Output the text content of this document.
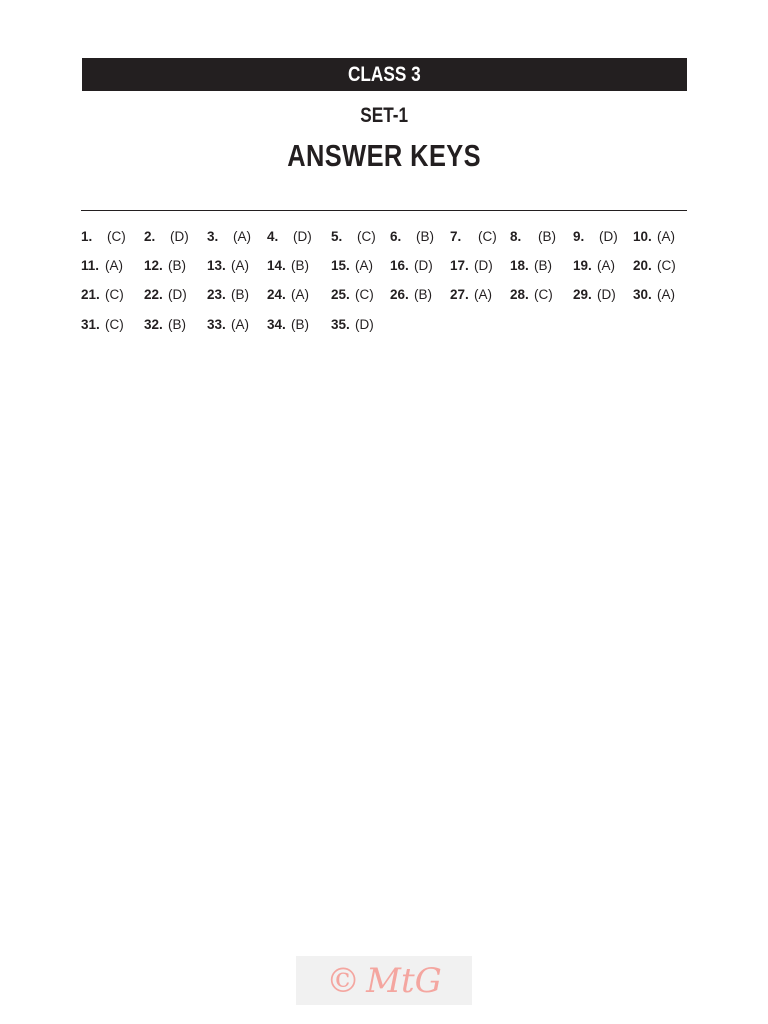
CLASS 3
SET-1
ANSWER KEYS
1. (C) 2. (D) 3. (A) 4. (D) 5. (C) 6. (B) 7. (C) 8. (B) 9. (D) 10. (A)
11. (A) 12. (B) 13. (A) 14. (B) 15. (A) 16. (D) 17. (D) 18. (B) 19. (A) 20. (C)
21. (C) 22. (D) 23. (B) 24. (A) 25. (C) 26. (B) 27. (A) 28. (C) 29. (D) 30. (A)
31. (C) 32. (B) 33. (A) 34. (B) 35. (D)
© MtG
